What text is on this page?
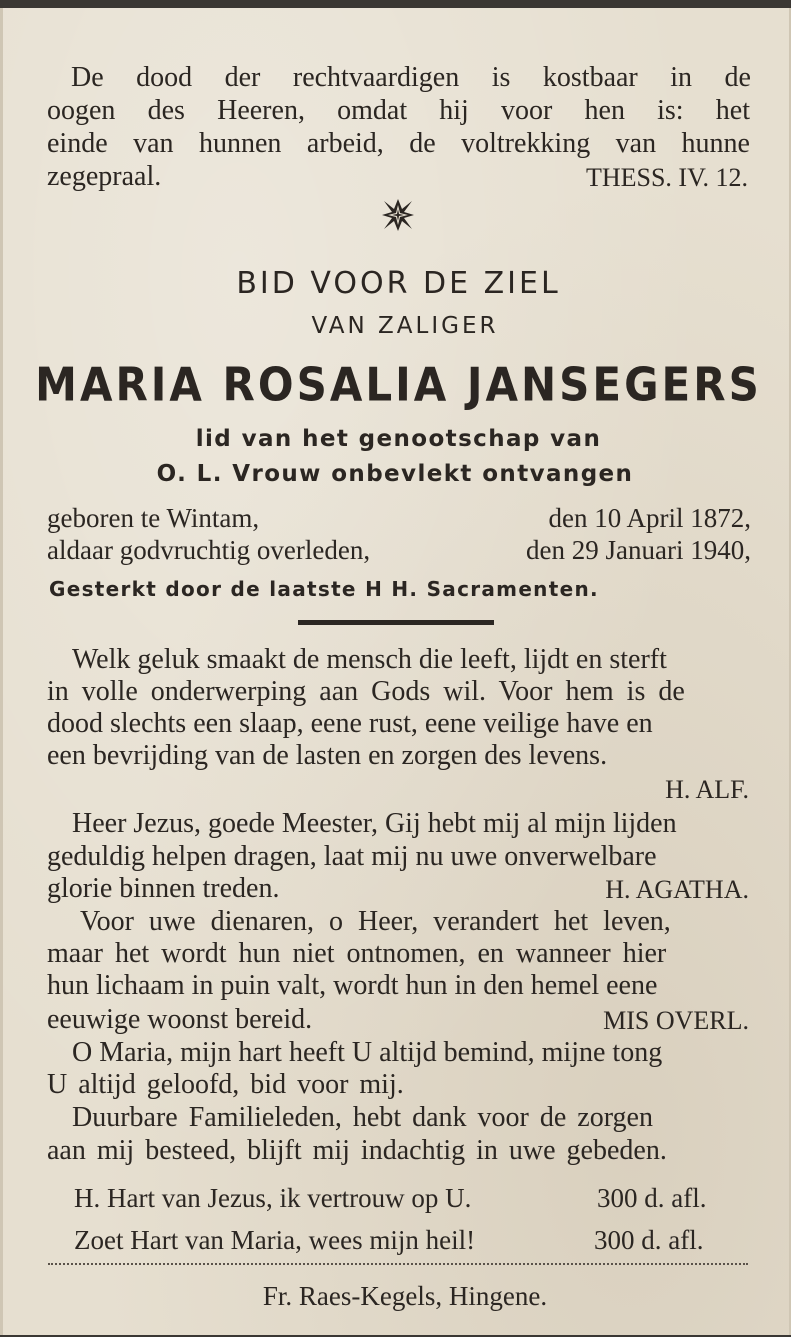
De dood der rechtvaardigen is kostbaar in de
oogen des Heeren, omdat hij voor hen is: het
einde van hunnen arbeid, de voltrekking van hunne
zegepraal.	THESS. IV. 12.
BID VOOR DE ZIEL
VAN ZALIGER
MARIA ROSALIA JANSEGERS
lid van het genootschap van
O. L. Vrouw onbevlekt ontvangen
geboren te Wintam,	den 10 April 1872,
aldaar godvruchtig overleden,	den 29 Januari 1940,
Gesterkt door de laatste H H. Sacramenten.
Welk geluk smaakt de mensch die leeft, lijdt en sterft
in volle onderwerping aan Gods wil. Voor hem is de
dood slechts een slaap, eene rust, eene veilige have en
een bevrijding van de lasten en zorgen des levens.
H. ALF.
Heer Jezus, goede Meester, Gij hebt mij al mijn lijden
geduldig helpen dragen, laat mij nu uwe onverwelbare
glorie binnen treden.	H. AGATHA.
Voor uwe dienaren, o Heer, verandert het leven,
maar het wordt hun niet ontnomen, en wanneer hier
hun lichaam in puin valt, wordt hun in den hemel eene
eeuwige woonst bereid.	MIS OVERL.
O Maria, mijn hart heeft U altijd bemind, mijne tong
U altijd geloofd, bid voor mij.
Duurbare Familieleden, hebt dank voor de zorgen
aan mij besteed, blijft mij indachtig in uwe gebeden.
H. Hart van Jezus, ik vertrouw op U.	300 d. afl.
Zoet Hart van Maria, wees mijn heil!	300 d. afl.
Fr. Raes-Kegels, Hingene.
